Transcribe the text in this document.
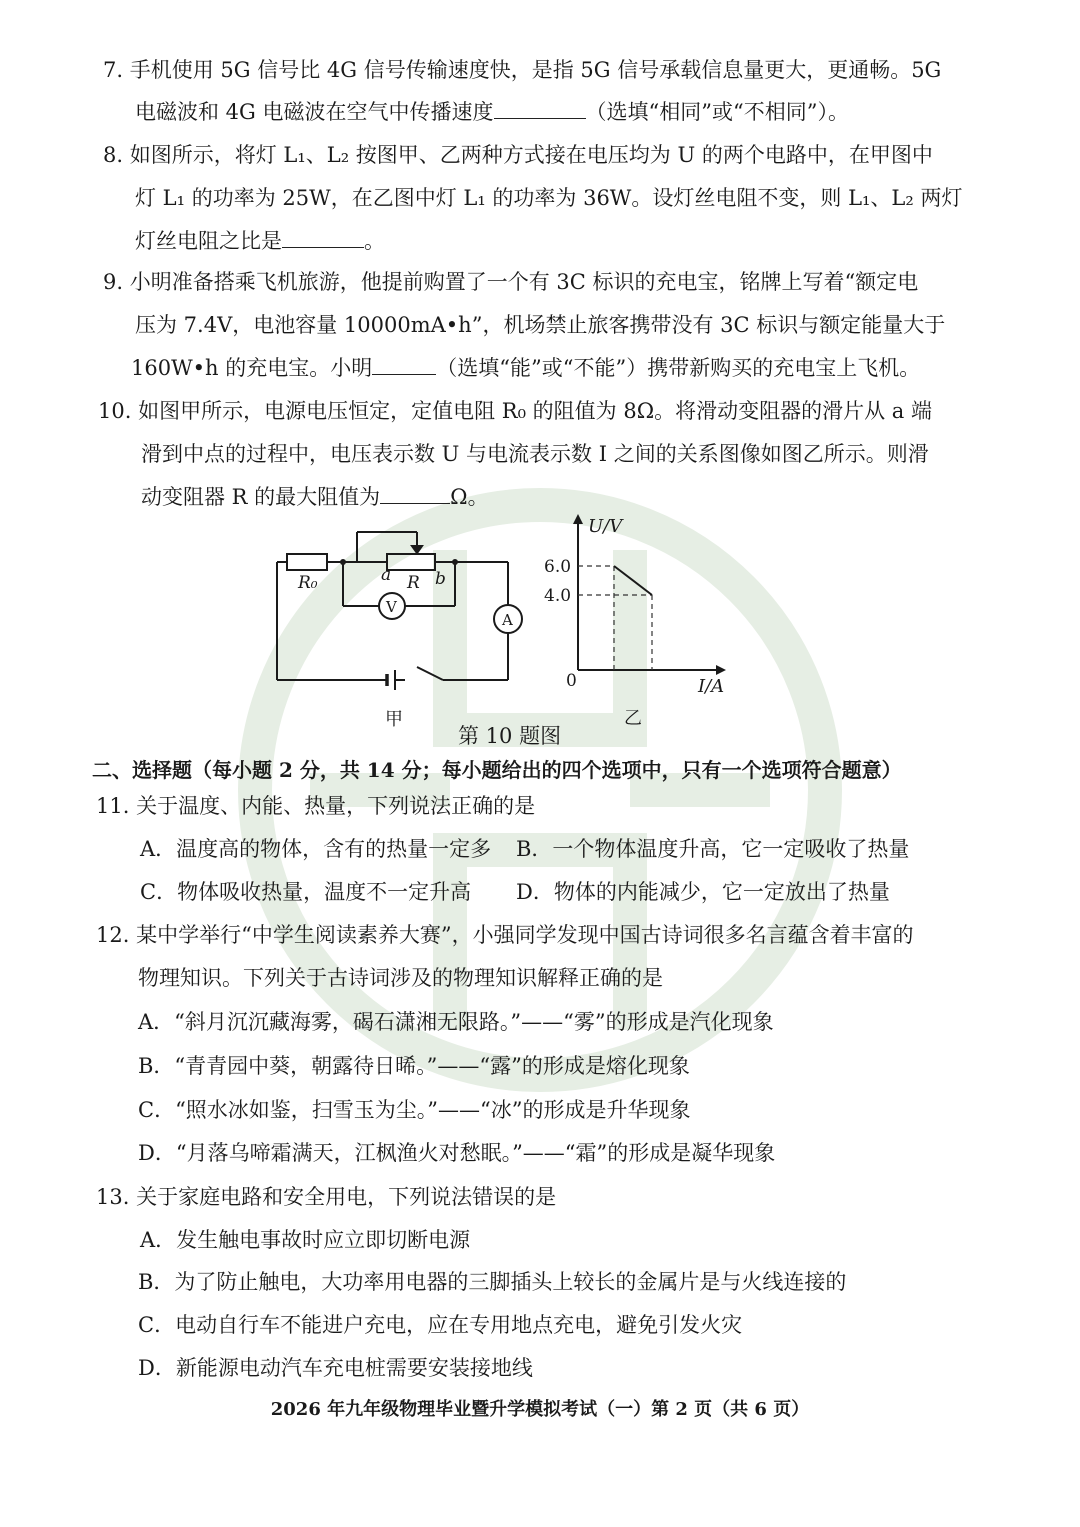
7. 手机使用 5G 信号比 4G 信号传输速度快，是指 5G 信号承载信息量更大，更通畅。5G
电磁波和 4G 电磁波在空气中传播速度	（选填“相同”或“不相同”）。
8. 如图所示，将灯 L₁、L₂ 按图甲、乙两种方式接在电压均为 U 的两个电路中，在甲图中
灯 L₁ 的功率为 25W，在乙图中灯 L₁ 的功率为 36W。设灯丝电阻不变，则 L₁、L₂ 两灯
灯丝电阻之比是	。
9. 小明准备搭乘飞机旅游，他提前购置了一个有 3C 标识的充电宝，铭牌上写着“额定电
压为 7.4V，电池容量 10000mA•h”，机场禁止旅客携带没有 3C 标识与额定能量大于
160W•h 的充电宝。小明	（选填“能”或“不能”）携带新购买的充电宝上飞机。
10. 如图甲所示，电源电压恒定，定值电阻 R₀ 的阻值为 8Ω。将滑动变阻器的滑片从 a 端
滑到中点的过程中，电压表示数 U 与电流表示数 I 之间的关系图像如图乙所示。则滑
动变阻器 R 的最大阻值为	Ω。
R₀	a R b
V
A
甲
U/V
I/A
0
6.0
4.0
乙
第 10 题图
二、选择题（每小题 2 分，共 14 分；每小题给出的四个选项中，只有一个选项符合题意）
11. 关于温度、内能、热量，下列说法正确的是
A．温度高的物体，含有的热量一定多 B．一个物体温度升高，它一定吸收了热量
C．物体吸收热量，温度不一定升高 D．物体的内能减少，它一定放出了热量
12. 某中学举行“中学生阅读素养大赛”，小强同学发现中国古诗词很多名言蕴含着丰富的
物理知识。下列关于古诗词涉及的物理知识解释正确的是
A．“斜月沉沉藏海雾，碣石潇湘无限路。”——“雾”的形成是汽化现象
B．“青青园中葵，朝露待日晞。”——“露”的形成是熔化现象
C．“照水冰如鉴，扫雪玉为尘。”——“冰”的形成是升华现象
D．“月落乌啼霜满天，江枫渔火对愁眠。”——“霜”的形成是凝华现象
13. 关于家庭电路和安全用电，下列说法错误的是
A．发生触电事故时应立即切断电源
B．为了防止触电，大功率用电器的三脚插头上较长的金属片是与火线连接的
C．电动自行车不能进户充电，应在专用地点充电，避免引发火灾
D．新能源电动汽车充电桩需要安装接地线
2026 年九年级物理毕业暨升学模拟考试（一）第 2 页（共 6 页）
